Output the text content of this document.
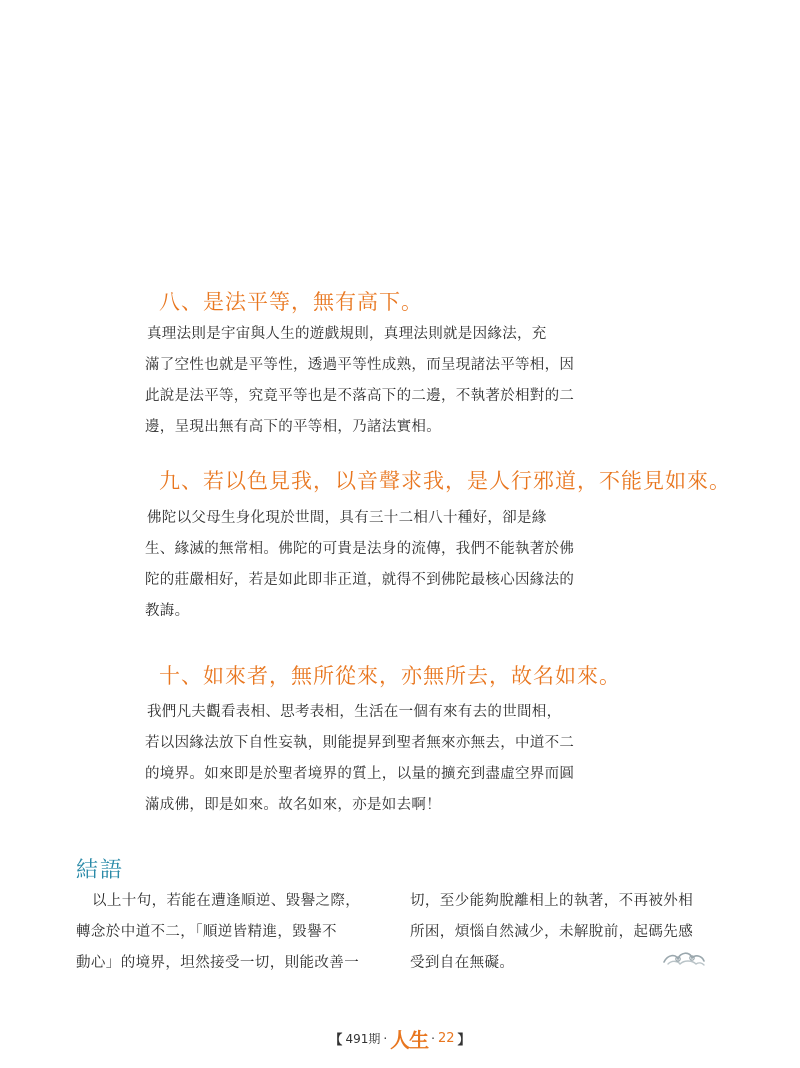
八、是法平等，無有高下。
真理法則是宇宙與人生的遊戲規則，真理法則就是因緣法，充
滿了空性也就是平等性，透過平等性成熟，而呈現諸法平等相，因
此說是法平等，究竟平等也是不落高下的二邊，不執著於相對的二
邊，呈現出無有高下的平等相，乃諸法實相。
九、若以色見我，以音聲求我，是人行邪道，不能見如來。
佛陀以父母生身化現於世間，具有三十二相八十種好，卻是緣
生、緣滅的無常相。佛陀的可貴是法身的流傳，我們不能執著於佛
陀的莊嚴相好，若是如此即非正道，就得不到佛陀最核心因緣法的
教誨。
十、如來者，無所從來，亦無所去，故名如來。
我們凡夫觀看表相、思考表相，生活在一個有來有去的世間相，
若以因緣法放下自性妄執，則能提昇到聖者無來亦無去，中道不二
的境界。如來即是於聖者境界的質上，以量的擴充到盡虛空界而圓
滿成佛，即是如來。故名如來，亦是如去啊！
結語
以上十句，若能在遭逢順逆、毀譽之際，
轉念於中道不二，「順逆皆精進，毀譽不
動心」的境界，坦然接受一切，則能改善一
切，至少能夠脫離相上的執著，不再被外相
所困，煩惱自然減少，未解脫前，起碼先感
受到自在無礙。
【 491期 ‧ 人生 ‧ 22 】
